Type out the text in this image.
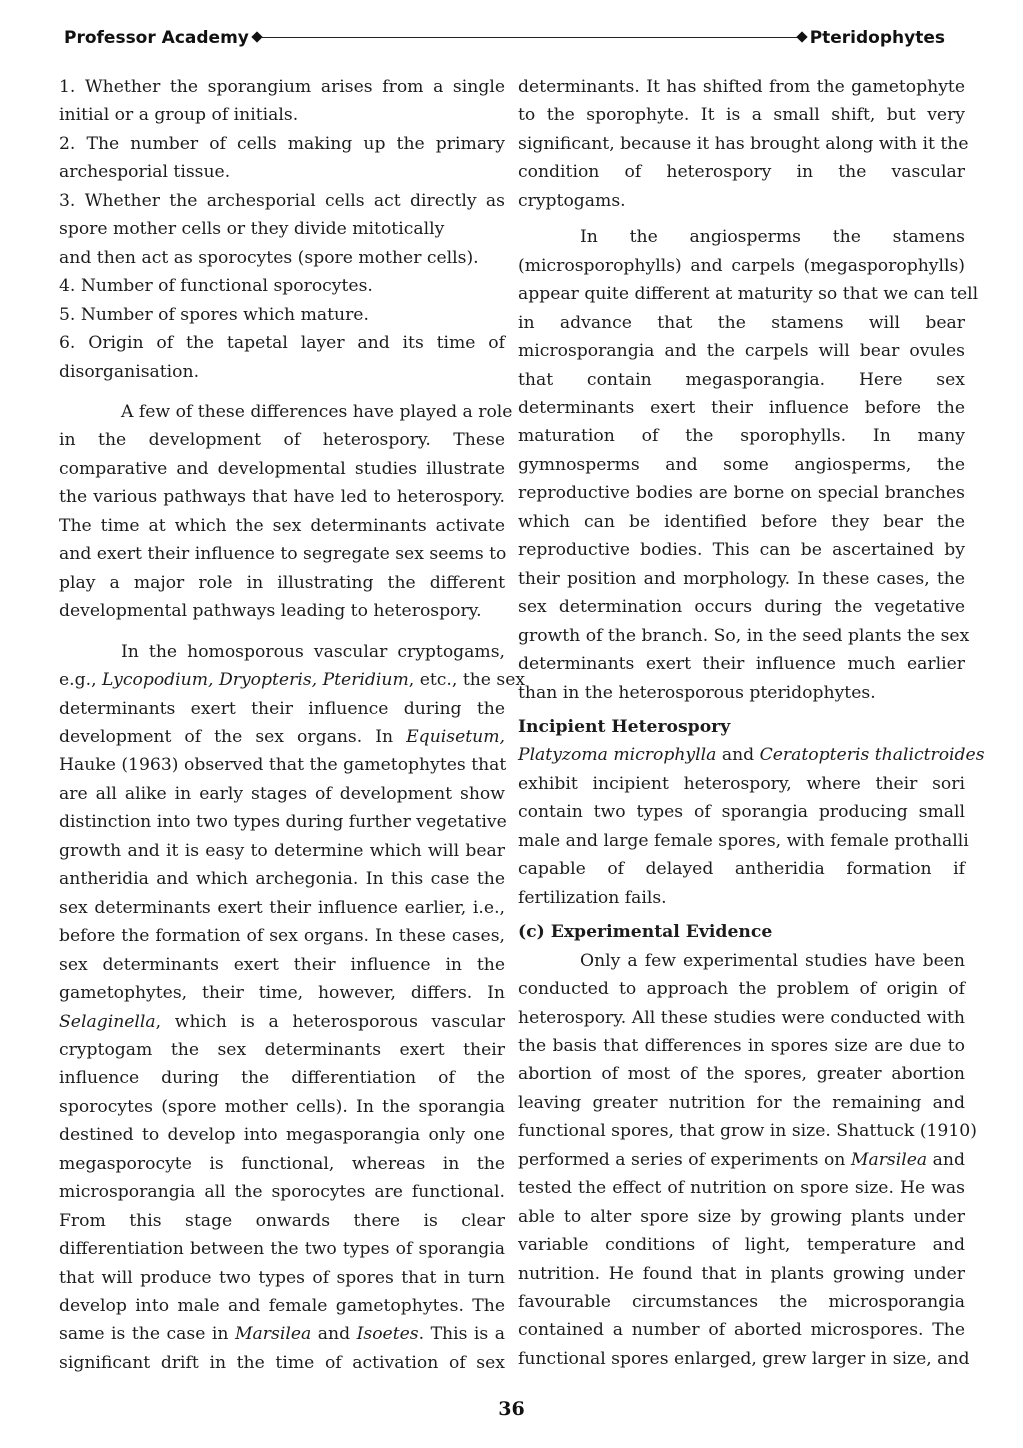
Professor Academy	Pteridophytes
1. Whether the sporangium arises from a single
initial or a group of initials.
2. The number of cells making up the primary
archesporial tissue.
3. Whether the archesporial cells act directly as
spore mother cells or they divide mitotically
and then act as sporocytes (spore mother cells).
4. Number of functional sporocytes.
5. Number of spores which mature.
6. Origin of the tapetal layer and its time of
disorganisation.
A few of these differences have played a role
in the development of heterospory. These
comparative and developmental studies illustrate
the various pathways that have led to heterospory.
The time at which the sex determinants activate
and exert their influence to segregate sex seems to
play a major role in illustrating the different
developmental pathways leading to heterospory.
In the homosporous vascular cryptogams,
e.g., Lycopodium, Dryopteris, Pteridium, etc., the sex
determinants exert their influence during the
development of the sex organs. In Equisetum,
Hauke (1963) observed that the gametophytes that
are all alike in early stages of development show
distinction into two types during further vegetative
growth and it is easy to determine which will bear
antheridia and which archegonia. In this case the
sex determinants exert their influence earlier, i.e.,
before the formation of sex organs. In these cases,
sex determinants exert their influence in the
gametophytes, their time, however, differs. In
Selaginella, which is a heterosporous vascular
cryptogam the sex determinants exert their
influence during the differentiation of the
sporocytes (spore mother cells). In the sporangia
destined to develop into megasporangia only one
megasporocyte is functional, whereas in the
microsporangia all the sporocytes are functional.
From this stage onwards there is clear
differentiation between the two types of sporangia
that will produce two types of spores that in turn
develop into male and female gametophytes. The
same is the case in Marsilea and Isoetes. This is a
significant drift in the time of activation of sex
determinants. It has shifted from the gametophyte
to the sporophyte. It is a small shift, but very
significant, because it has brought along with it the
condition of heterospory in the vascular
cryptogams.
In the angiosperms the stamens
(microsporophylls) and carpels (megasporophylls)
appear quite different at maturity so that we can tell
in advance that the stamens will bear
microsporangia and the carpels will bear ovules
that contain megasporangia. Here sex
determinants exert their influence before the
maturation of the sporophylls. In many
gymnosperms and some angiosperms, the
reproductive bodies are borne on special branches
which can be identified before they bear the
reproductive bodies. This can be ascertained by
their position and morphology. In these cases, the
sex determination occurs during the vegetative
growth of the branch. So, in the seed plants the sex
determinants exert their influence much earlier
than in the heterosporous pteridophytes.
Incipient Heterospory
Platyzoma microphylla and Ceratopteris thalictroides
exhibit incipient heterospory, where their sori
contain two types of sporangia producing small
male and large female spores, with female prothalli
capable of delayed antheridia formation if
fertilization fails.
(c) Experimental Evidence
Only a few experimental studies have been
conducted to approach the problem of origin of
heterospory. All these studies were conducted with
the basis that differences in spores size are due to
abortion of most of the spores, greater abortion
leaving greater nutrition for the remaining and
functional spores, that grow in size. Shattuck (1910)
performed a series of experiments on Marsilea and
tested the effect of nutrition on spore size. He was
able to alter spore size by growing plants under
variable conditions of light, temperature and
nutrition. He found that in plants growing under
favourable circumstances the microsporangia
contained a number of aborted microspores. The
functional spores enlarged, grew larger in size, and
36
